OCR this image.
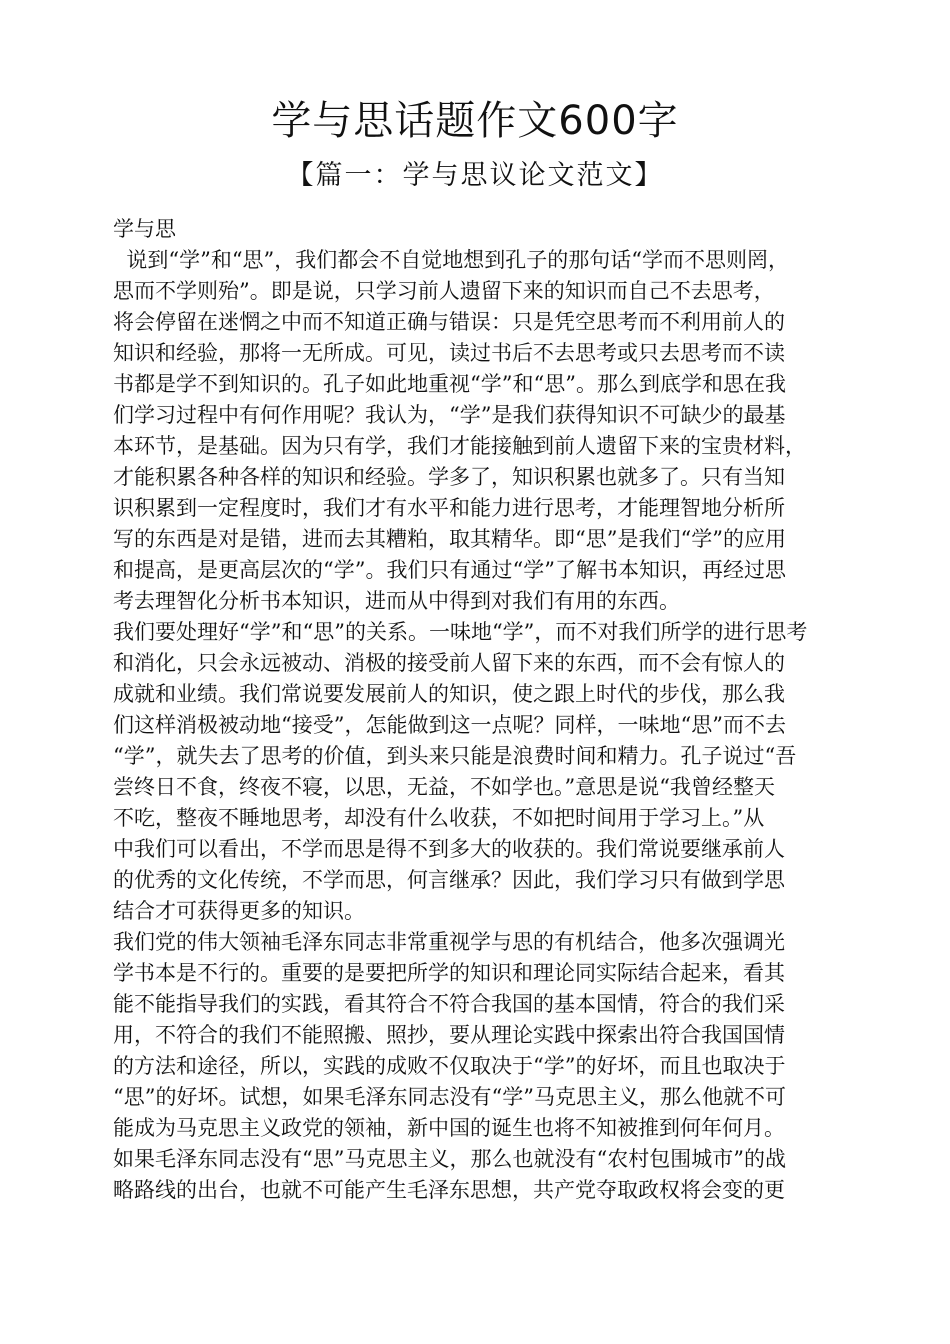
学与思话题作文600字
【篇一：学与思议论文范文】
学与思
说到“学”和“思”，我们都会不自觉地想到孔子的那句话“学而不思则罔，
思而不学则殆”。即是说，只学习前人遗留下来的知识而自己不去思考，
将会停留在迷惘之中而不知道正确与错误：只是凭空思考而不利用前人的
知识和经验，那将一无所成。可见，读过书后不去思考或只去思考而不读
书都是学不到知识的。孔子如此地重视“学”和“思”。那么到底学和思在我
们学习过程中有何作用呢？我认为，“学”是我们获得知识不可缺少的最基
本环节，是基础。因为只有学，我们才能接触到前人遗留下来的宝贵材料，
才能积累各种各样的知识和经验。学多了，知识积累也就多了。只有当知
识积累到一定程度时，我们才有水平和能力进行思考，才能理智地分析所
写的东西是对是错，进而去其糟粕，取其精华。即“思”是我们“学”的应用
和提高，是更高层次的“学”。我们只有通过“学”了解书本知识，再经过思
考去理智化分析书本知识，进而从中得到对我们有用的东西。
我们要处理好“学”和“思”的关系。一味地“学”，而不对我们所学的进行思考
和消化，只会永远被动、消极的接受前人留下来的东西，而不会有惊人的
成就和业绩。我们常说要发展前人的知识，使之跟上时代的步伐，那么我
们这样消极被动地“接受”，怎能做到这一点呢？同样，一味地“思”而不去
“学”，就失去了思考的价值，到头来只能是浪费时间和精力。孔子说过“吾
尝终日不食，终夜不寝，以思，无益，不如学也。”意思是说“我曾经整天
不吃，整夜不睡地思考，却没有什么收获，不如把时间用于学习上。”从
中我们可以看出，不学而思是得不到多大的收获的。我们常说要继承前人
的优秀的文化传统，不学而思，何言继承？因此，我们学习只有做到学思
结合才可获得更多的知识。
我们党的伟大领袖毛泽东同志非常重视学与思的有机结合，他多次强调光
学书本是不行的。重要的是要把所学的知识和理论同实际结合起来，看其
能不能指导我们的实践，看其符合不符合我国的基本国情，符合的我们采
用，不符合的我们不能照搬、照抄，要从理论实践中探索出符合我国国情
的方法和途径，所以，实践的成败不仅取决于“学”的好坏，而且也取决于
“思”的好坏。试想，如果毛泽东同志没有“学”马克思主义，那么他就不可
能成为马克思主义政党的领袖，新中国的诞生也将不知被推到何年何月。
如果毛泽东同志没有“思”马克思主义，那么也就没有“农村包围城市”的战
略路线的出台，也就不可能产生毛泽东思想，共产党夺取政权将会变的更
